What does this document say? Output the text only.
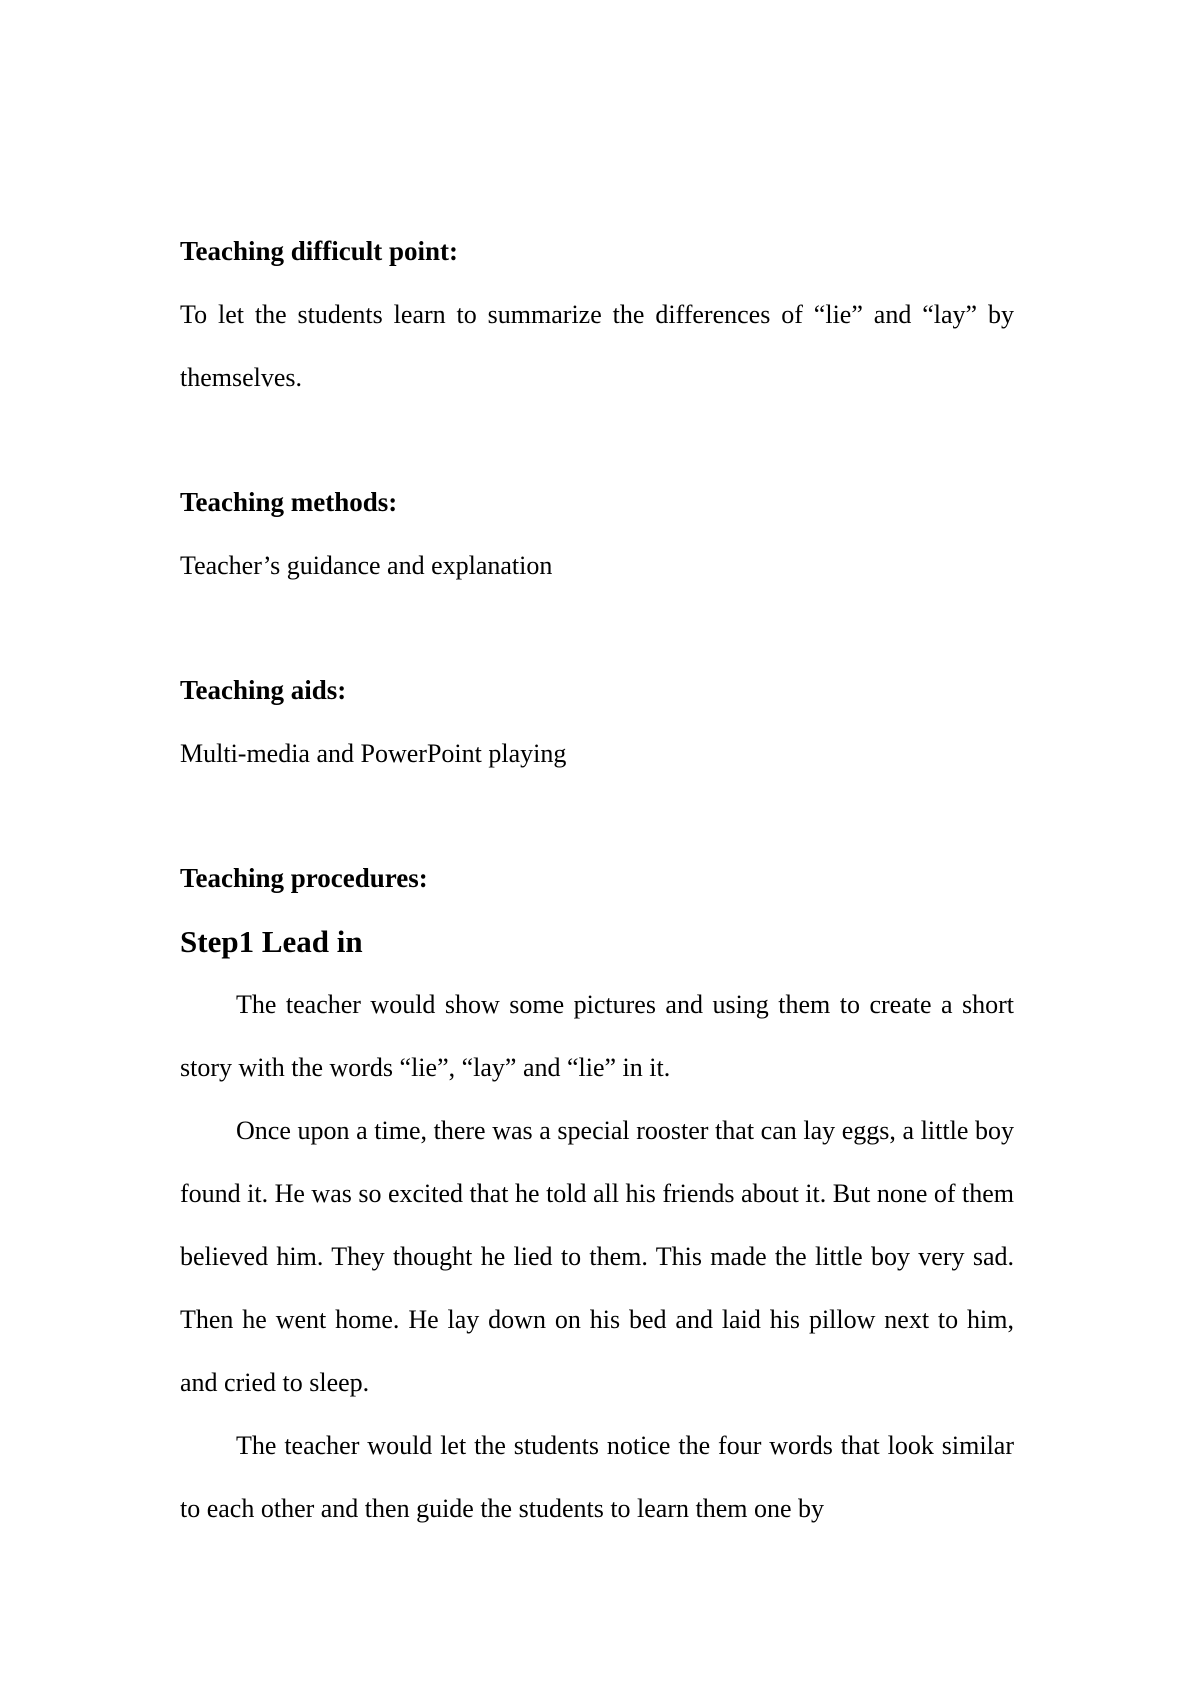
Teaching difficult point:

To let the students learn to summarize the differences of “lie” and “lay” by themselves.

Teaching methods:

Teacher’s guidance and explanation

Teaching aids:

Multi-media and PowerPoint playing

Teaching procedures:
Step1 Lead in

The teacher would show some pictures and using them to create a short story with the words “lie”, “lay” and “lie” in it.

Once upon a time, there was a special rooster that can lay eggs, a little boy found it. He was so excited that he told all his friends about it. But none of them believed him. They thought he lied to them. This made the little boy very sad. Then he went home. He lay down on his bed and laid his pillow next to him, and cried to sleep.

The teacher would let the students notice the four words that look similar to each other and then guide the students to learn them one by
